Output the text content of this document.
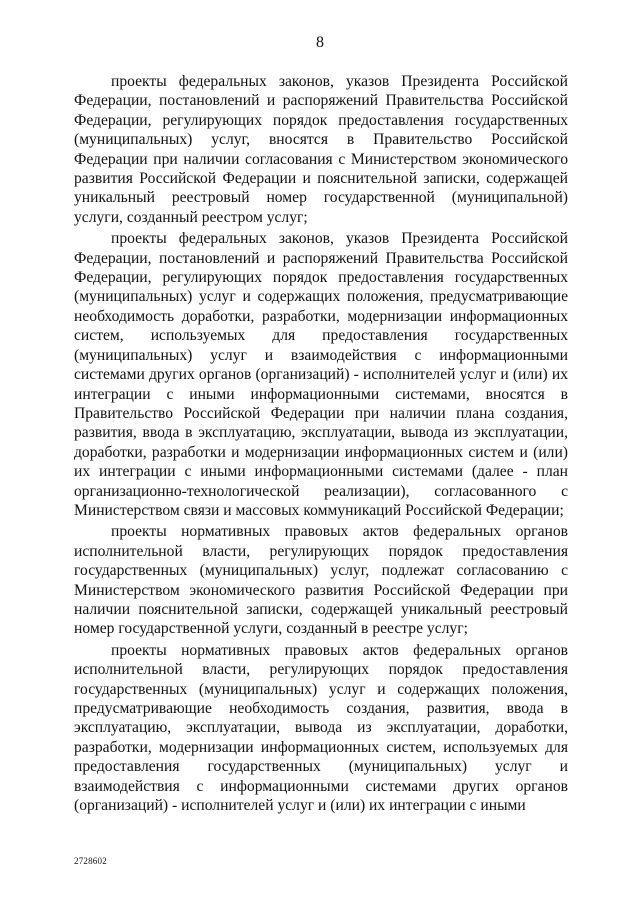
8

проекты федеральных законов, указов Президента Российской Федерации, постановлений и распоряжений Правительства Российской Федерации, регулирующих порядок предоставления государственных (муниципальных) услуг, вносятся в Правительство Российской Федерации при наличии согласования с Министерством экономического развития Российской Федерации и пояснительной записки, содержащей уникальный реестровый номер государственной (муниципальной) услуги, созданный реестром услуг;

проекты федеральных законов, указов Президента Российской Федерации, постановлений и распоряжений Правительства Российской Федерации, регулирующих порядок предоставления государственных (муниципальных) услуг и содержащих положения, предусматривающие необходимость доработки, разработки, модернизации информационных систем, используемых для предоставления государственных (муниципальных) услуг и взаимодействия с информационными системами других органов (организаций) - исполнителей услуг и (или) их интеграции с иными информационными системами, вносятся в Правительство Российской Федерации при наличии плана создания, развития, ввода в эксплуатацию, эксплуатации, вывода из эксплуатации, доработки, разработки и модернизации информационных систем и (или) их интеграции с иными информационными системами (далее - план организационно-технологической реализации), согласованного с Министерством связи и массовых коммуникаций Российской Федерации;

проекты нормативных правовых актов федеральных органов исполнительной власти, регулирующих порядок предоставления государственных (муниципальных) услуг, подлежат согласованию с Министерством экономического развития Российской Федерации при наличии пояснительной записки, содержащей уникальный реестровый номер государственной услуги, созданный в реестре услуг;

проекты нормативных правовых актов федеральных органов исполнительной власти, регулирующих порядок предоставления государственных (муниципальных) услуг и содержащих положения, предусматривающие необходимость создания, развития, ввода в эксплуатацию, эксплуатации, вывода из эксплуатации, доработки, разработки, модернизации информационных систем, используемых для предоставления государственных (муниципальных) услуг и взаимодействия с информационными системами других органов (организаций) - исполнителей услуг и (или) их интеграции с иными

2728602
